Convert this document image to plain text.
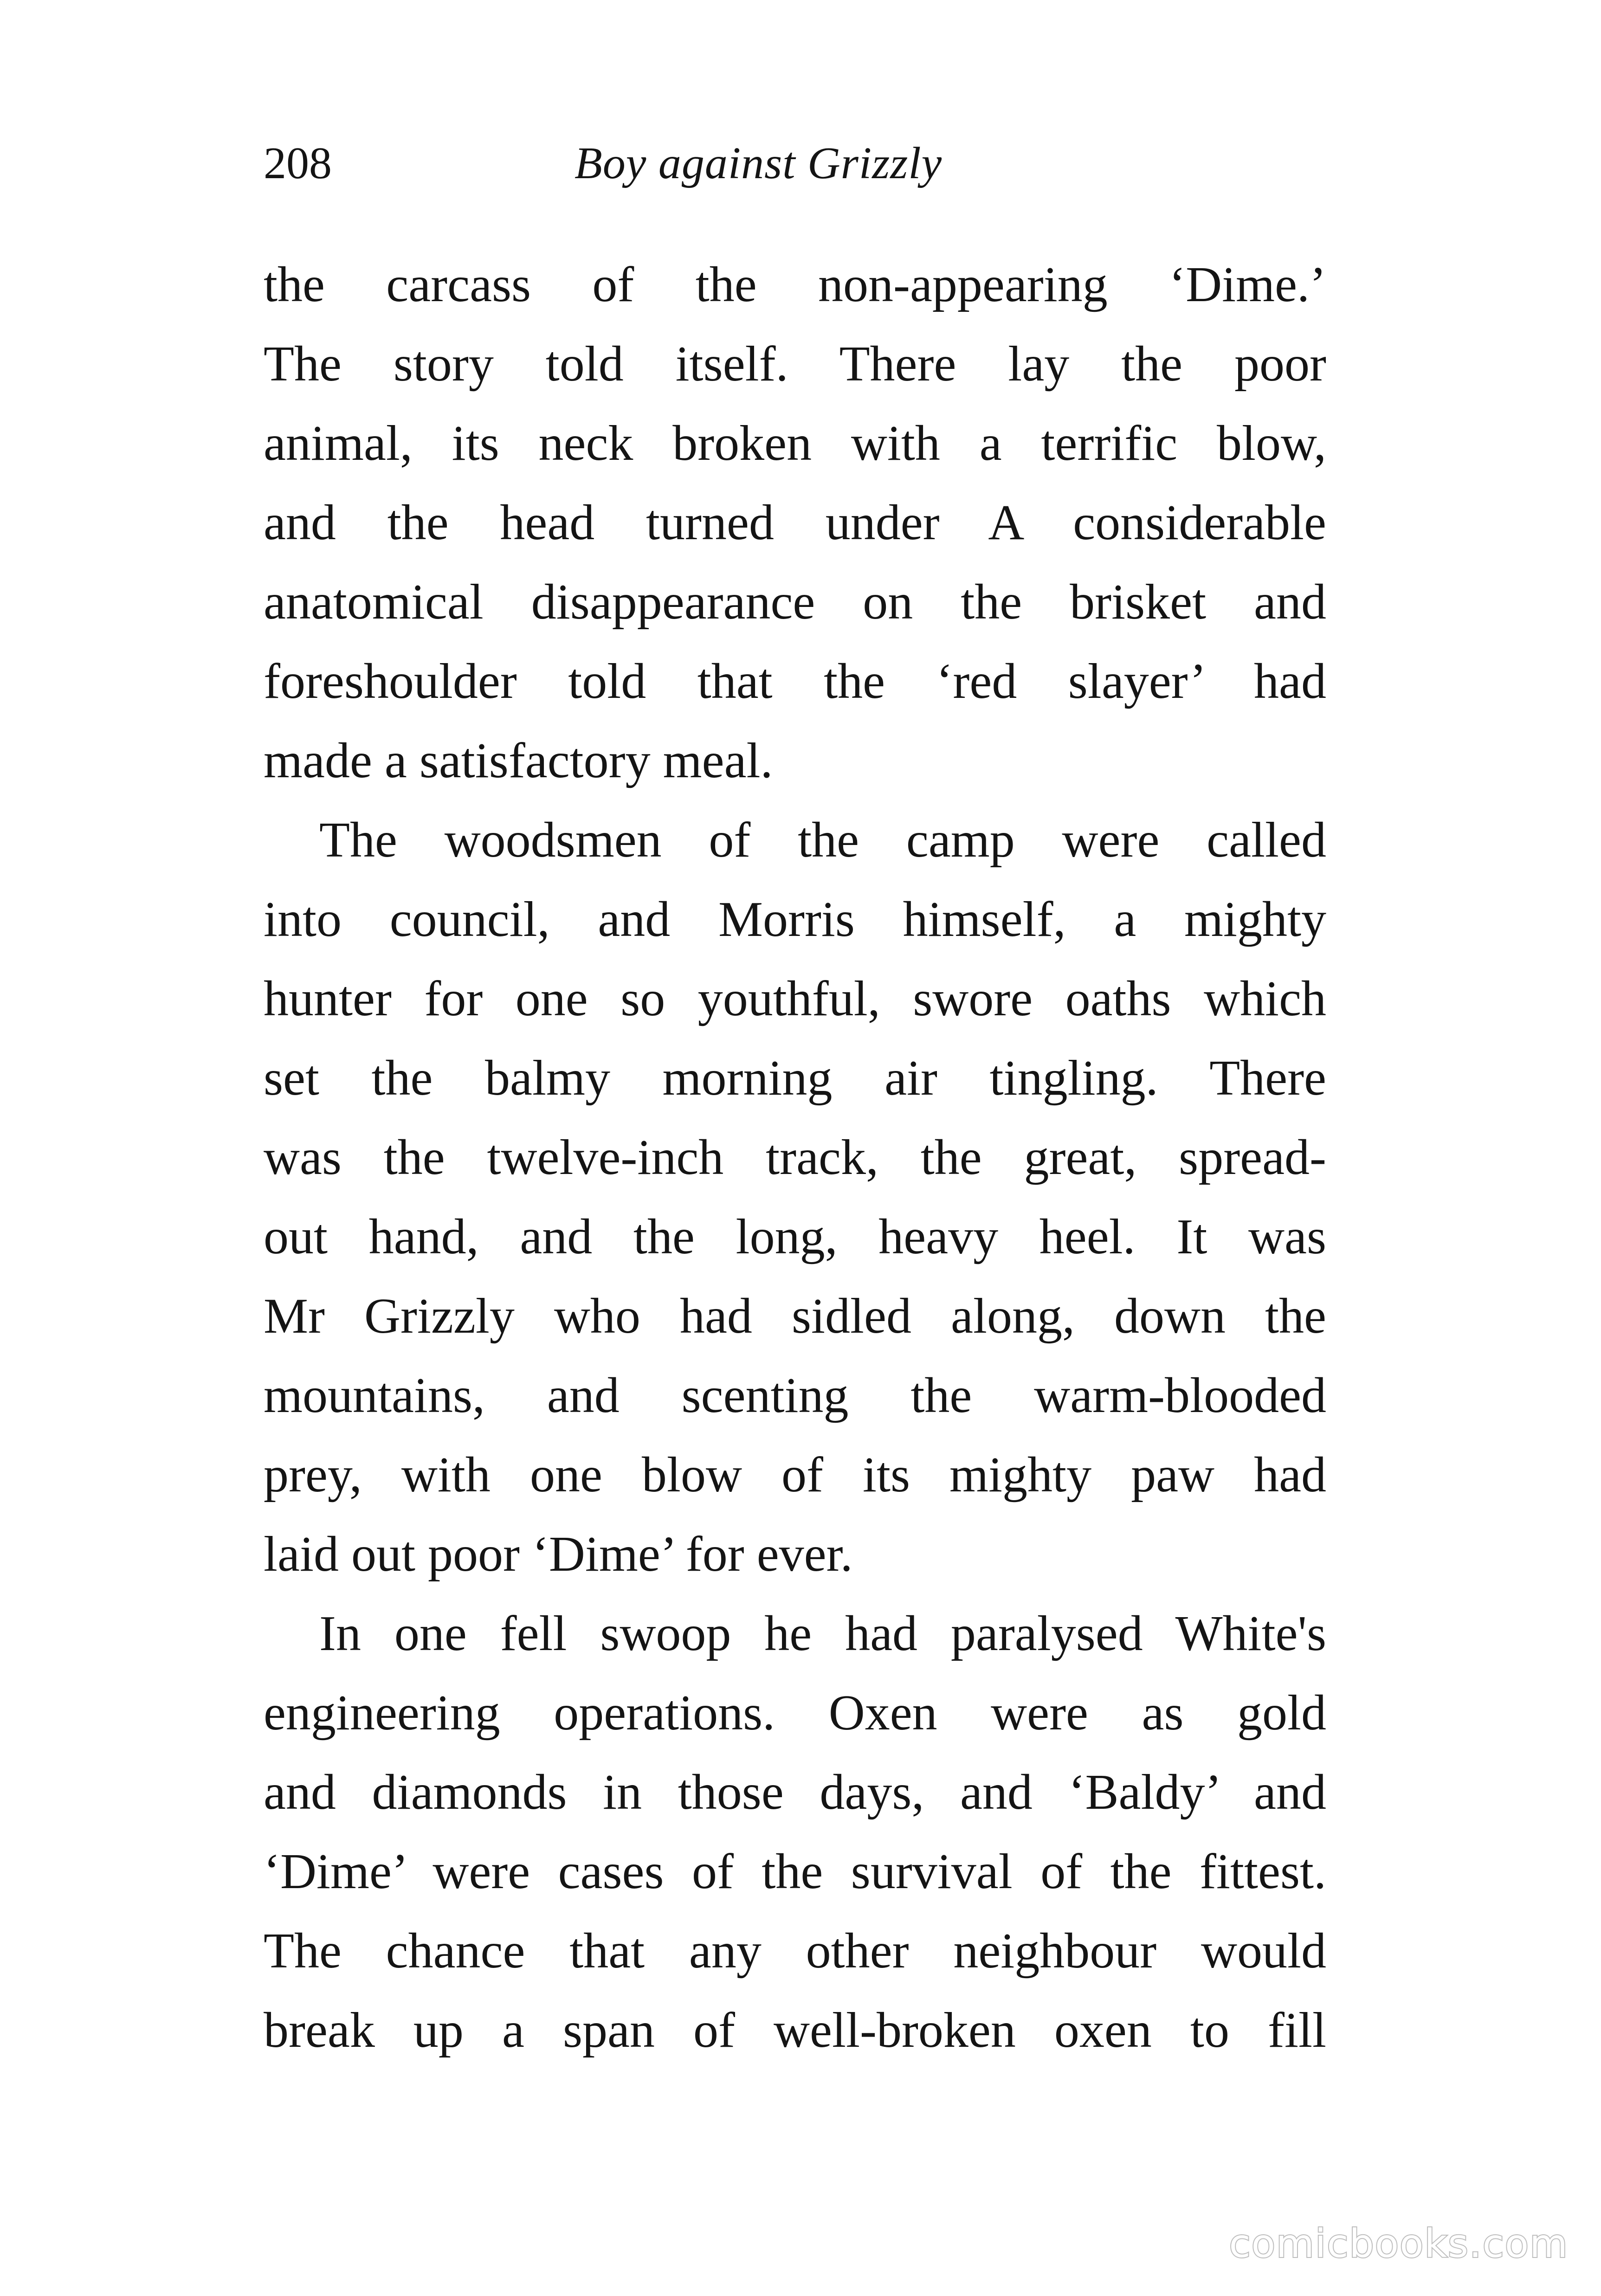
208	Boy against Grizzly
the carcass of the non-appearing ‘Dime.’
The story told itself. There lay the poor
animal, its neck broken with a terrific blow,
and the head turned under A considerable
anatomical disappearance on the brisket and
foreshoulder told that the ‘red slayer’ had
made a satisfactory meal.
The woodsmen of the camp were called
into council, and Morris himself, a mighty
hunter for one so youthful, swore oaths which
set the balmy morning air tingling. There
was the twelve-inch track, the great, spread-
out hand, and the long, heavy heel. It was
Mr Grizzly who had sidled along, down the
mountains, and scenting the warm-blooded
prey, with one blow of its mighty paw had
laid out poor ‘Dime’ for ever.
In one fell swoop he had paralysed White's
engineering operations. Oxen were as gold
and diamonds in those days, and ‘Baldy’ and
‘Dime’ were cases of the survival of the fittest.
The chance that any other neighbour would
break up a span of well-broken oxen to fill
comicbooks.com
